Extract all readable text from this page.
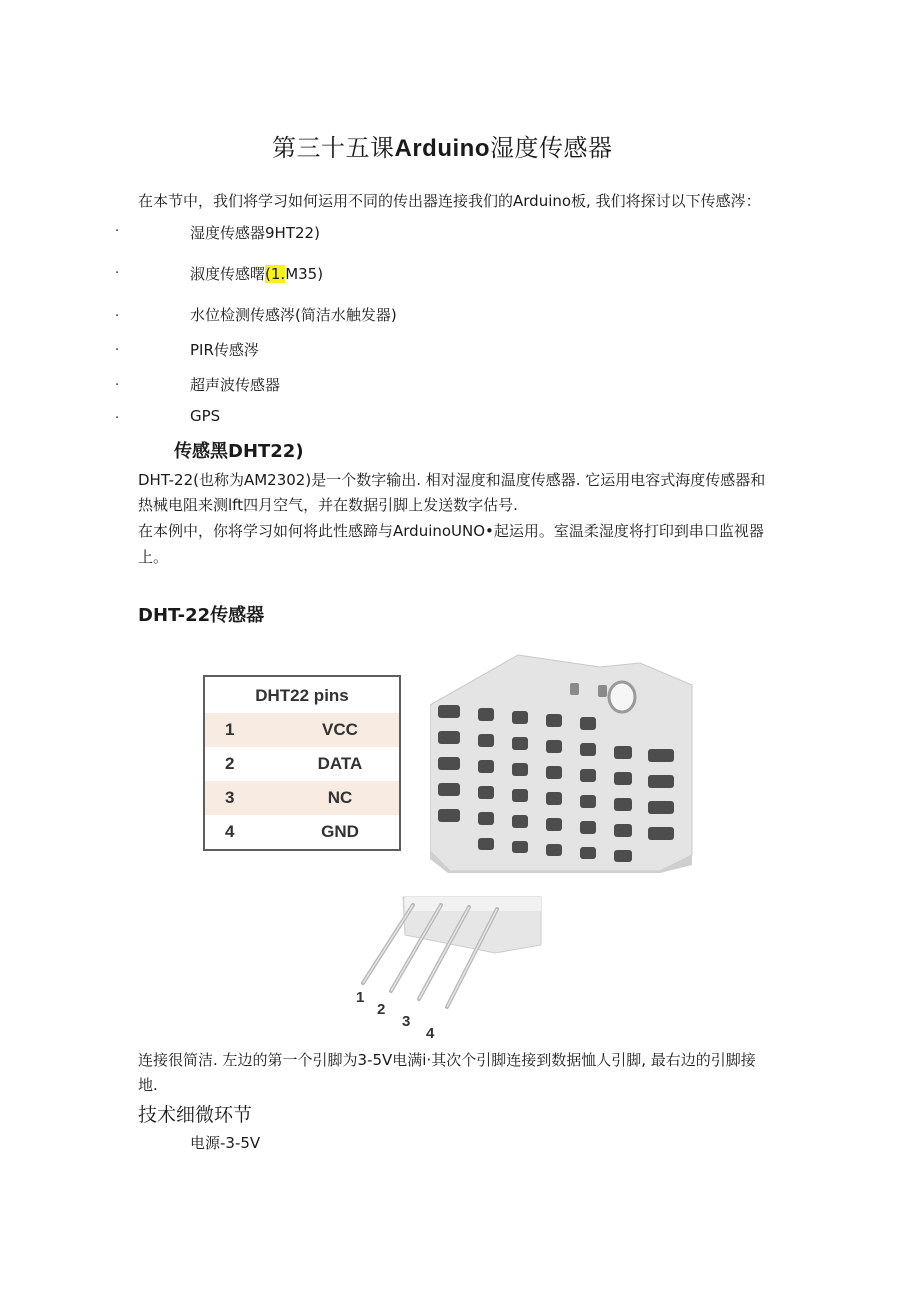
第三十五课Arduino湿度传感器
在本节中，我们将学习如何运用不同的传出器连接我们的Arduino板, 我们将探讨以下传感涔：
·	湿度传感器9HT22)
·	淑度传感曙(1.M35)
·	水位检测传感涔(简洁水触发器)
·	PIR传感涔
·	超声波传感器
·	GPS
传感黑DHT22)
DHT-22(也称为AM2302)是一个数字输出. 相对湿度和温度传感器. 它运用电容式海度传感器和
热械电阻来测lft四月空气，并在数据引脚上发送数字估号.
在本例中，你将学习如何将此性感蹄与ArduinoUNO•起运用。室温柔湿度将打印到串口监视器
上。
DHT-22传感器
DHT22 pins
1	VCC
2	DATA
3	NC
4	GND
1
2
3
4
连接很简洁. 左边的第一个引脚为3-5V电满i·其次个引脚连接到数据恤人引脚, 最右边的引脚接
地.
技术细微环节
电源-3-5V
